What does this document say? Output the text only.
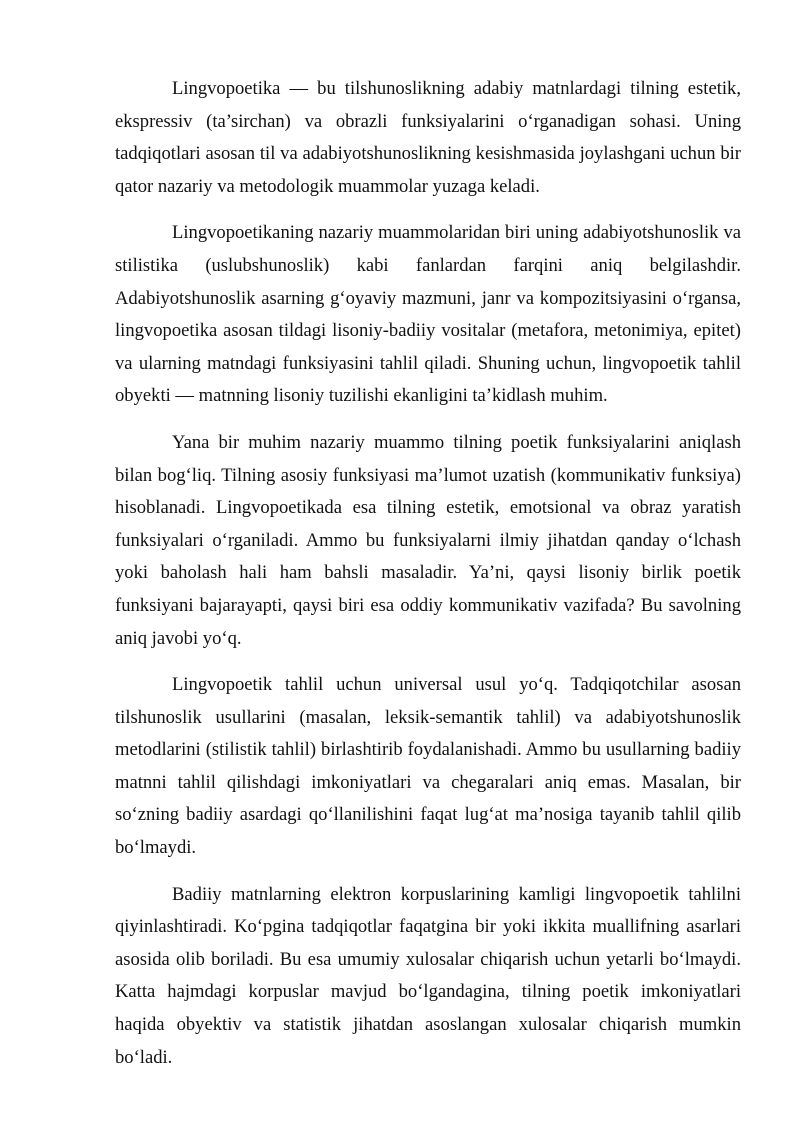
Lingvopoetika — bu tilshunoslikning adabiy matnlardagi tilning estetik, ekspressiv (ta’sirchan) va obrazli funksiyalarini o‘rganadigan sohasi. Uning tadqiqotlari asosan til va adabiyotshunoslikning kesishmasida joylashgani uchun bir qator nazariy va metodologik muammolar yuzaga keladi.

Lingvopoetikaning nazariy muammolaridan biri uning adabiyotshunoslik va stilistika (uslubshunoslik) kabi fanlardan farqini aniq belgilashdir. Adabiyotshunoslik asarning g‘oyaviy mazmuni, janr va kompozitsiyasini o‘rgansa, lingvopoetika asosan tildagi lisoniy-badiiy vositalar (metafora, metonimiya, epitet) va ularning matndagi funksiyasini tahlil qiladi. Shuning uchun, lingvopoetik tahlil obyekti — matnning lisoniy tuzilishi ekanligini ta’kidlash muhim.

Yana bir muhim nazariy muammo tilning poetik funksiyalarini aniqlash bilan bog‘liq. Tilning asosiy funksiyasi ma’lumot uzatish (kommunikativ funksiya) hisoblanadi. Lingvopoetikada esa tilning estetik, emotsional va obraz yaratish funksiyalari o‘rganiladi. Ammo bu funksiyalarni ilmiy jihatdan qanday o‘lchash yoki baholash hali ham bahsli masaladir. Ya’ni, qaysi lisoniy birlik poetik funksiyani bajarayapti, qaysi biri esa oddiy kommunikativ vazifada? Bu savolning aniq javobi yo‘q.

Lingvopoetik tahlil uchun universal usul yo‘q. Tadqiqotchilar asosan tilshunoslik usullarini (masalan, leksik-semantik tahlil) va adabiyotshunoslik metodlarini (stilistik tahlil) birlashtirib foydalanishadi. Ammo bu usullarning badiiy matnni tahlil qilishdagi imkoniyatlari va chegaralari aniq emas. Masalan, bir so‘zning badiiy asardagi qo‘llanilishini faqat lug‘at ma’nosiga tayanib tahlil qilib bo‘lmaydi.

Badiiy matnlarning elektron korpuslarining kamligi lingvopoetik tahlilni qiyinlashtiradi. Ko‘pgina tadqiqotlar faqatgina bir yoki ikkita muallifning asarlari asosida olib boriladi. Bu esa umumiy xulosalar chiqarish uchun yetarli bo‘lmaydi. Katta hajmdagi korpuslar mavjud bo‘lgandagina, tilning poetik imkoniyatlari haqida obyektiv va statistik jihatdan asoslangan xulosalar chiqarish mumkin bo‘ladi.
